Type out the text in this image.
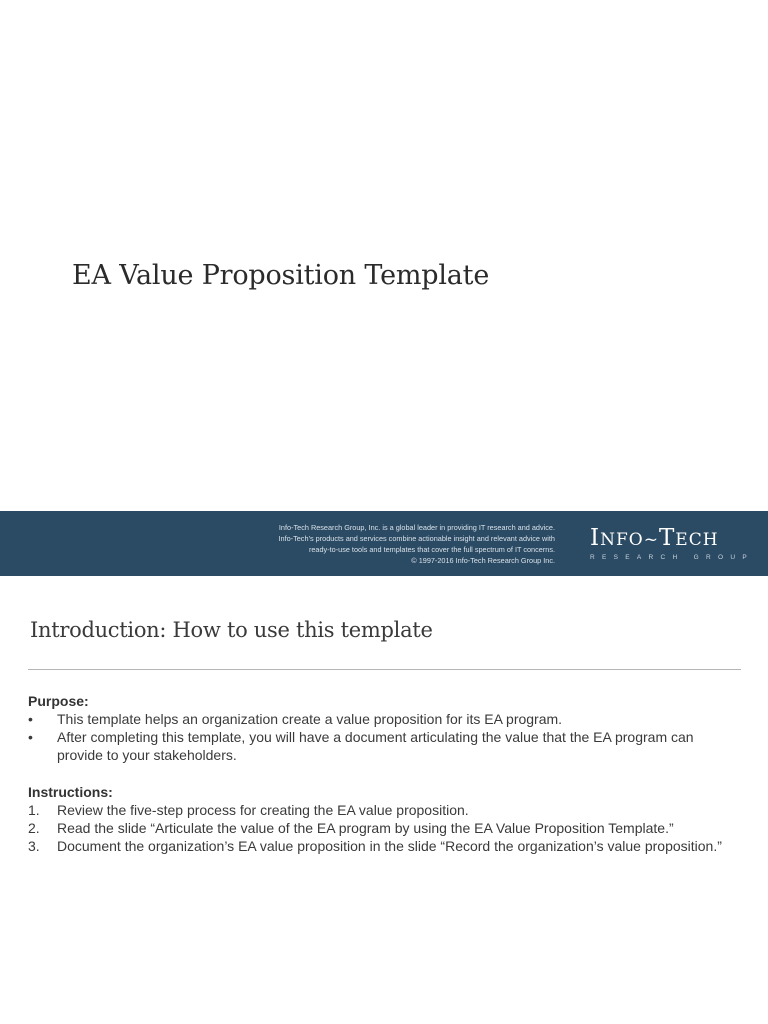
EA Value Proposition Template
Info-Tech Research Group, Inc. is a global leader in providing IT research and advice.
Info-Tech’s products and services combine actionable insight and relevant advice with
ready-to-use tools and templates that cover the full spectrum of IT concerns.
© 1997-2016 Info-Tech Research Group Inc.
INFO~TECH
RESEARCH GROUP
Introduction: How to use this template
Purpose:
• This template helps an organization create a value proposition for its EA program.
• After completing this template, you will have a document articulating the value that the EA program can provide to your stakeholders.
Instructions:
1. Review the five-step process for creating the EA value proposition.
2. Read the slide “Articulate the value of the EA program by using the EA Value Proposition Template.”
3. Document the organization’s EA value proposition in the slide “Record the organization’s value proposition.”
